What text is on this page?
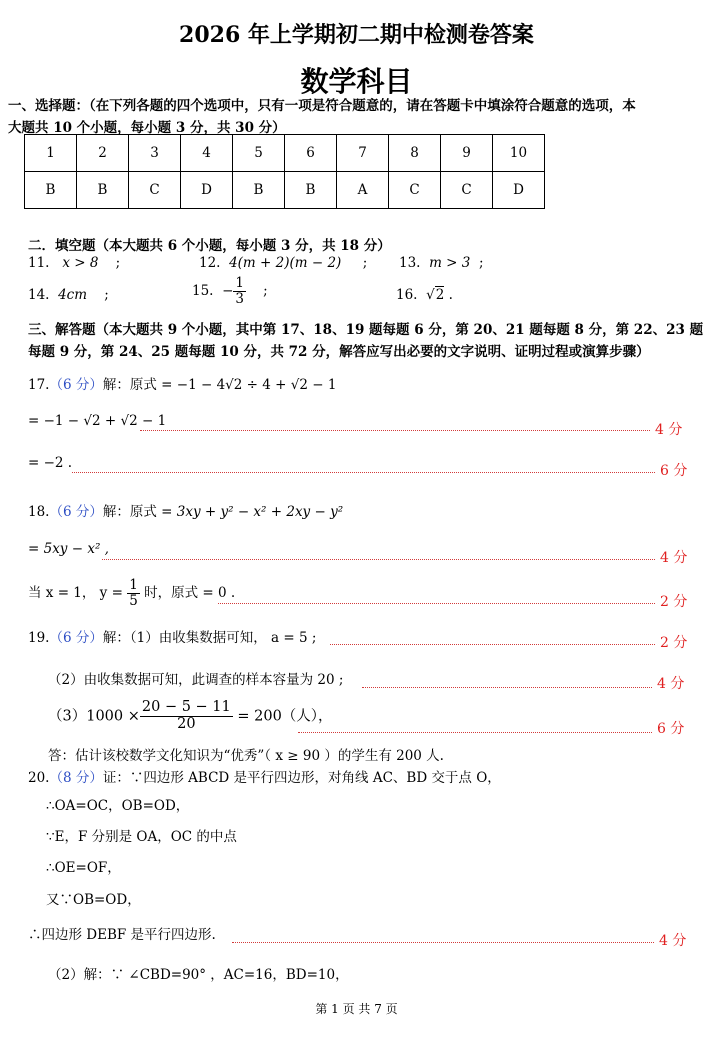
2026 年上学期初二期中检测卷答案
数学科目
一、选择题：（在下列各题的四个选项中，只有一项是符合题意的，请在答题卡中填涂符合题意的选项，本
大题共 10 个小题，每小题 3 分，共 30 分）
1	2	3	4	5	6	7	8	9	10
B	B	C	D	B	B	A	C	C	D
二．填空题（本大题共 6 个小题，每小题 3 分，共 18 分）
11. x > 8 ;	12. 4(m + 2)(m − 2) ; 13. m > 3 ;
14. 4cm ;	15. − $\frac{1}{3}$ ;	16. √2 .
三、解答题（本大题共 9 个小题，其中第 17、18、19 题每题 6 分，第 20、21 题每题 8 分，第 22、23 题
每题 9 分，第 24、25 题每题 10 分，共 72 分，解答应写出必要的文字说明、证明过程或演算步骤）
17.（6 分）解：原式 = −1 − 4√2 ÷ 4 + √2 − 1
= −1 − √2 + √2 − 1
4 分
= −2 .	6 分
18.（6 分）解：原式 = 3xy + y² − x² + 2xy − y²
= 5xy − x² ,
4 分
当 x = 1， $y = \frac{1}{5}$ 时，原式 = 0 .
2 分
19.（6 分）解：（1）由收集数据可知， a = 5 ;	2 分
（2）由收集数据可知，此调查的样本容量为 20 ;	4 分
$(3)1000 \times \frac{20 - 5 - 11}{20} = 200$（人），
6 分
答：估计该校数学文化知识为“优秀”（ x ≥ 90 ）的学生有 200 人.
20.（8 分）证：∵四边形 ABCD 是平行四边形，对角线 AC、BD 交于点 O，
∴OA=OC，OB=OD，
∵E，F 分别是 OA，OC 的中点
∴OE=OF，
又∵OB=OD，
∴四边形 DEBF 是平行四边形.	4 分
（2）解：∵ ∠CBD=90° ，AC=16，BD=10，
第 1 页 共 7 页
